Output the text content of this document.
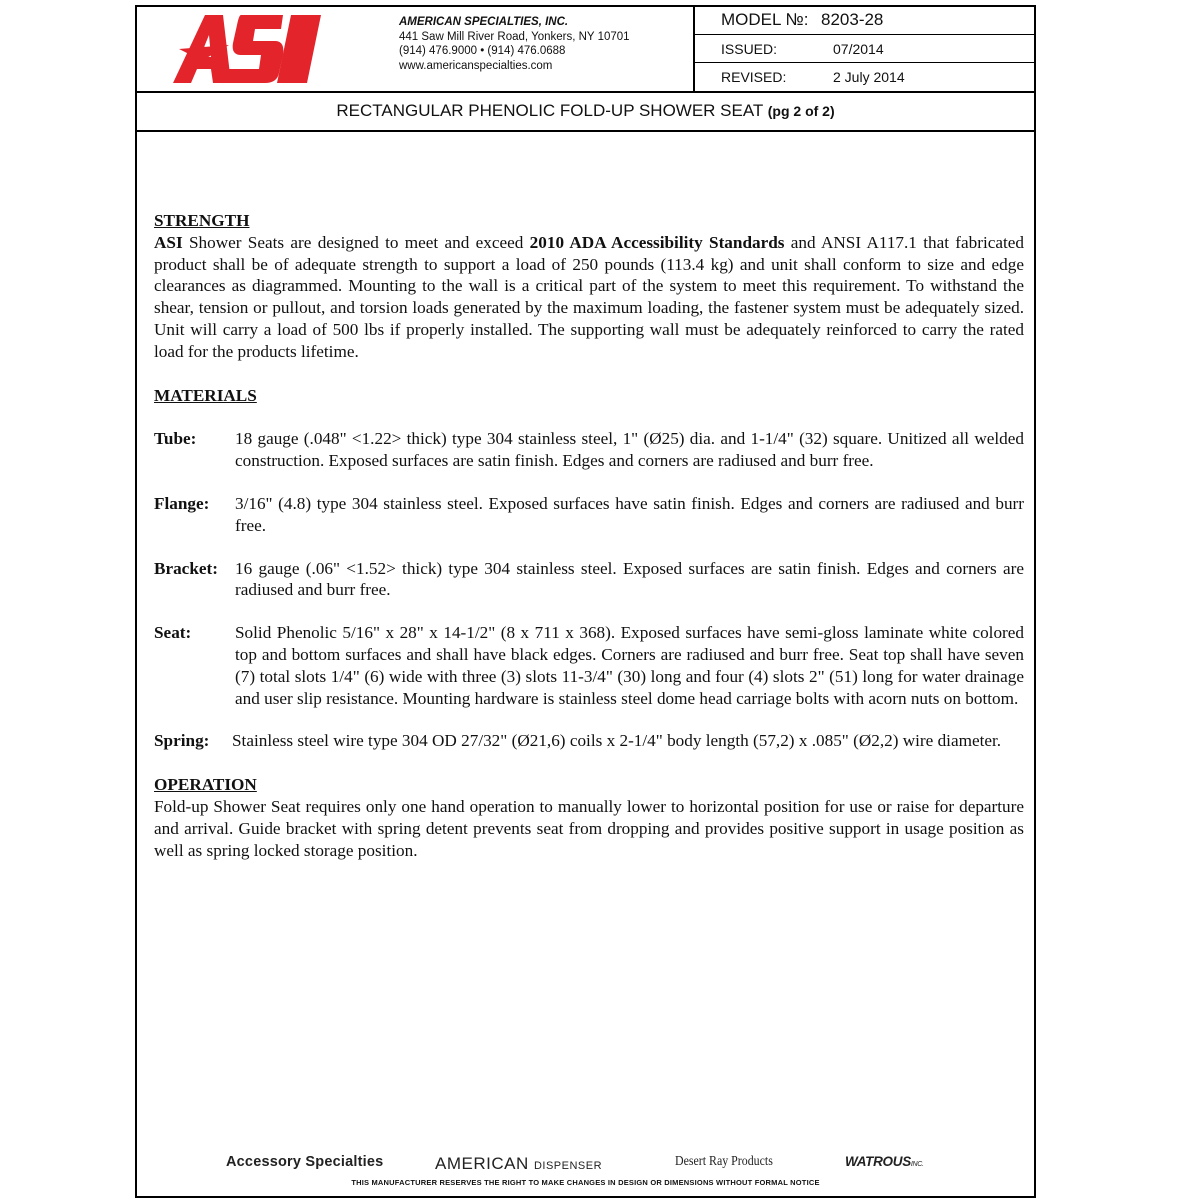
AMERICAN SPECIALTIES, INC.
441 Saw Mill River Road, Yonkers, NY 10701
(914) 476.9000 • (914) 476.0688
www.americanspecialties.com
MODEL №: 8203-28
ISSUED:	07/2014
REVISED:	2 July 2014
RECTANGULAR PHENOLIC FOLD-UP SHOWER SEAT (pg 2 of 2)

STRENGTH

ASI Shower Seats are designed to meet and exceed 2010 ADA Accessibility Standards and ANSI A117.1 that fabricated product shall be of adequate strength to support a load of 250 pounds (113.4 kg) and unit shall conform to size and edge clearances as diagrammed. Mounting to the wall is a critical part of the system to meet this requirement. To withstand the shear, tension or pullout, and torsion loads generated by the maximum loading, the fastener system must be adequately sized. Unit will carry a load of 500 lbs if properly installed. The supporting wall must be adequately reinforced to carry the rated load for the products lifetime.

MATERIALS

Tube:	18 gauge (.048" <1.22> thick) type 304 stainless steel, 1" (Ø25) dia. and 1-1/4" (32) square. Unitized all welded construction. Exposed surfaces are satin finish. Edges and corners are radiused and burr free.
Flange:	3/16" (4.8) type 304 stainless steel. Exposed surfaces have satin finish. Edges and corners are radiused and burr free.
Bracket: 16 gauge (.06" <1.52> thick) type 304 stainless steel. Exposed surfaces are satin finish. Edges and corners are radiused and burr free.
Seat:	Solid Phenolic 5/16" x 28" x 14-1/2" (8 x 711 x 368). Exposed surfaces have semi-gloss laminate white colored top and bottom surfaces and shall have black edges. Corners are radiused and burr free. Seat top shall have seven (7) total slots 1/4" (6) wide with three (3) slots 11-3/4" (30) long and four (4) slots 2" (51) long for water drainage and user slip resistance. Mounting hardware is stainless steel dome head carriage bolts with acorn nuts on bottom.
Spring:	Stainless steel wire type 304 OD 27/32" (Ø21,6) coils x 2-1/4" body length (57,2) x .085" (Ø2,2) wire diameter.

OPERATION

Fold-up Shower Seat requires only one hand operation to manually lower to horizontal position for use or raise for departure and arrival. Guide bracket with spring detent prevents seat from dropping and provides positive support in usage position as well as spring locked storage position.

Accessory Specialties	AMERICAN DISPENSER	Desert Ray Products	WATROUSINC.
THIS MANUFACTURER RESERVES THE RIGHT TO MAKE CHANGES IN DESIGN OR DIMENSIONS WITHOUT FORMAL NOTICE
